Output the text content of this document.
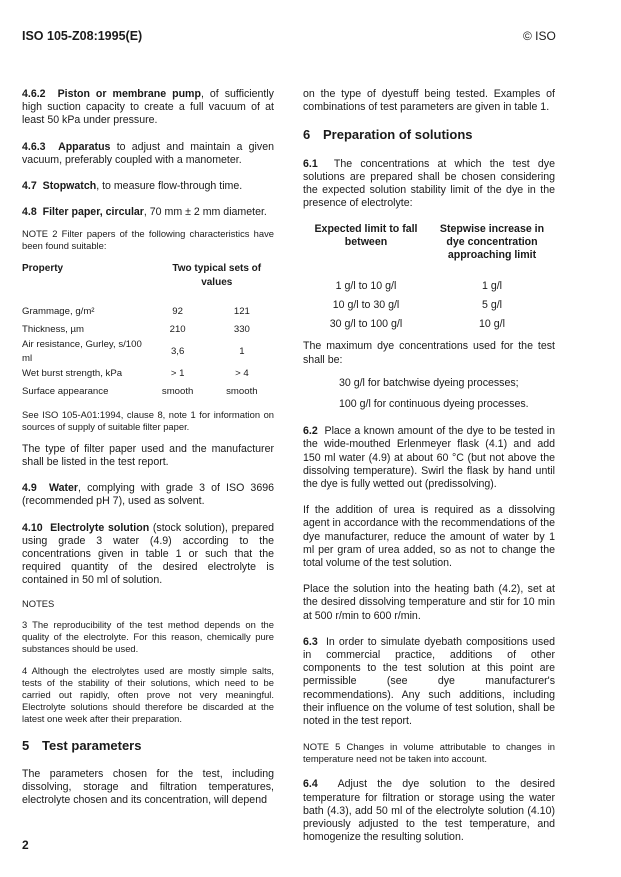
ISO 105-Z08:1995(E)	© ISO

4.6.2 Piston or membrane pump, of sufficiently high suction capacity to create a full vacuum of at least 50 kPa under pressure.

4.6.3 Apparatus to adjust and maintain a given vacuum, preferably coupled with a manometer.

4.7 Stopwatch, to measure flow-through time.

4.8 Filter paper, circular, 70 mm ± 2 mm diameter.

NOTE 2 Filter papers of the following characteristics have been found suitable:

Property	Two typical sets of values	
Grammage, g/m²	92	121
Thickness, µm	210	330
Air resistance, Gurley, s/100 ml	3,6	1
Wet burst strength, kPa	> 1	> 4
Surface appearance	smooth	smooth

See ISO 105-A01:1994, clause 8, note 1 for information on sources of supply of suitable filter paper.

The type of filter paper used and the manufacturer shall be listed in the test report.

4.9 Water, complying with grade 3 of ISO 3696 (recommended pH 7), used as solvent.

4.10 Electrolyte solution (stock solution), prepared using grade 3 water (4.9) according to the concentrations given in table 1 or such that the required quantity of the desired electrolyte is contained in 50 ml of solution.

NOTES

3 The reproducibility of the test method depends on the quality of the electrolyte. For this reason, chemically pure substances should be used.

4 Although the electrolytes used are mostly simple salts, tests of the stability of their solutions, which need to be carried out rapidly, often prove not very meaningful. Electrolyte solutions should therefore be discarded at the latest one week after their preparation.

5 Test parameters

The parameters chosen for the test, including dissolving, storage and filtration temperatures, electrolyte chosen and its concentration, will depend

on the type of dyestuff being tested. Examples of combinations of test parameters are given in table 1.

6 Preparation of solutions

6.1 The concentrations at which the test dye solutions are prepared shall be chosen considering the expected solution stability limit of the dye in the presence of electrolyte:

Expected limit to fall between	Stepwise increase in dye concentration approaching limit
1 g/l to 10 g/l	1 g/l
10 g/l to 30 g/l	5 g/l
30 g/l to 100 g/l	10 g/l

The maximum dye concentrations used for the test shall be:

30 g/l for batchwise dyeing processes;

100 g/l for continuous dyeing processes.

6.2 Place a known amount of the dye to be tested in the wide-mouthed Erlenmeyer flask (4.1) and add 150 ml water (4.9) at about 60 °C (but not above the dissolving temperature). Swirl the flask by hand until the dye is fully wetted out (predissolving).

If the addition of urea is required as a dissolving agent in accordance with the recommendations of the dye manufacturer, reduce the amount of water by 1 ml per gram of urea added, so as not to change the total volume of the test solution.

Place the solution into the heating bath (4.2), set at the desired dissolving temperature and stir for 10 min at 500 r/min to 600 r/min.

6.3 In order to simulate dyebath compositions used in commercial practice, additions of other components to the test solution at this point are permissible (see dye manufacturer's recommendations). Any such additions, including their influence on the volume of test solution, shall be noted in the test report.

NOTE 5 Changes in volume attributable to changes in temperature need not be taken into account.

6.4 Adjust the dye solution to the desired temperature for filtration or storage using the water bath (4.3), add 50 ml of the electrolyte solution (4.10) previously adjusted to the test temperature, and homogenize the resulting solution.

2
